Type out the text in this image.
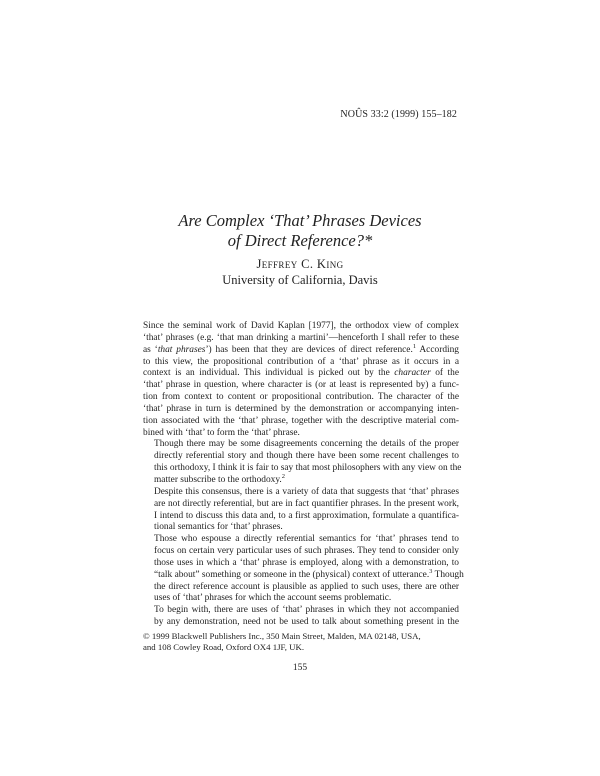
NOÛS 33:2 (1999) 155–182
Are Complex ‘That’ Phrases Devices
of Direct Reference?*
Jeffrey C. King
University of California, Davis

Since the seminal work of David Kaplan [1977], the orthodox view of complex
‘that’ phrases (e.g. ‘that man drinking a martini’—henceforth I shall refer to these
as ‘that phrases’) has been that they are devices of direct reference.$^1$ According
to this view, the propositional contribution of a ‘that’ phrase as it occurs in a
context is an individual. This individual is picked out by the character of the
‘that’ phrase in question, where character is (or at least is represented by) a func-
tion from context to content or propositional contribution. The character of the
‘that’ phrase in turn is determined by the demonstration or accompanying inten-
tion associated with the ‘that’ phrase, together with the descriptive material com-
bined with ‘that’ to form the ‘that’ phrase.

Though there may be some disagreements concerning the details of the proper
directly referential story and though there have been some recent challenges to
this orthodoxy, I think it is fair to say that most philosophers with any view on the
matter subscribe to the orthodoxy.$^2$

Despite this consensus, there is a variety of data that suggests that ‘that’ phrases
are not directly referential, but are in fact quantifier phrases. In the present work,
I intend to discuss this data and, to a first approximation, formulate a quantifica-
tional semantics for ‘that’ phrases.

Those who espouse a directly referential semantics for ‘that’ phrases tend to
focus on certain very particular uses of such phrases. They tend to consider only
those uses in which a ‘that’ phrase is employed, along with a demonstration, to
“talk about” something or someone in the (physical) context of utterance.$^3$ Though
the direct reference account is plausible as applied to such uses, there are other
uses of ‘that’ phrases for which the account seems problematic.

To begin with, there are uses of ‘that’ phrases in which they not accompanied
by any demonstration, need not be used to talk about something present in the

© 1999 Blackwell Publishers Inc., 350 Main Street, Malden, MA 02148, USA,
and 108 Cowley Road, Oxford OX4 1JF, UK.
155
